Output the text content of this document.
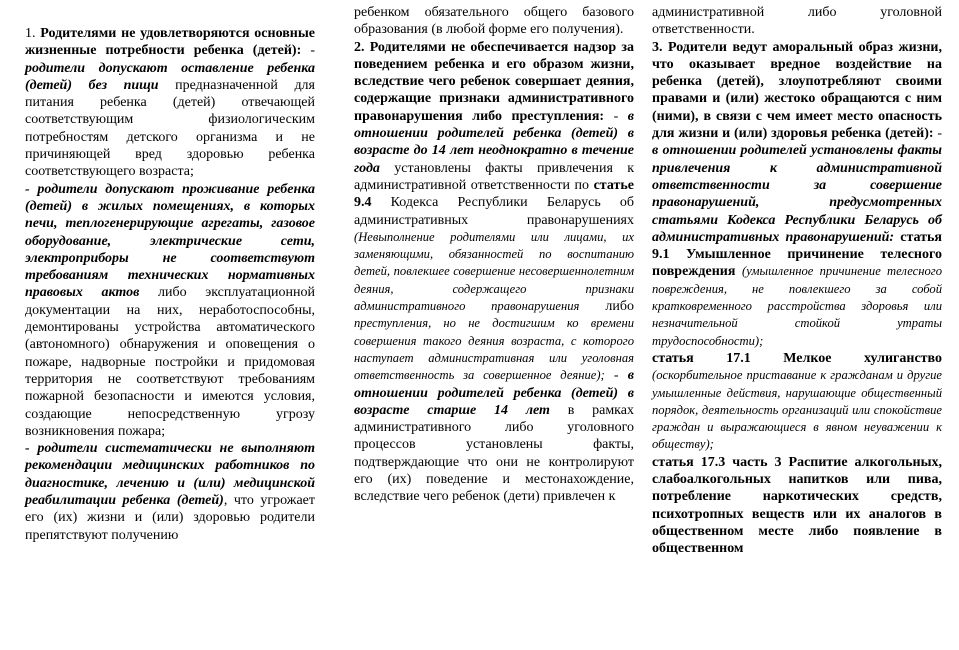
1. Родителями не удовлетворяются основные жизненные потребности ребенка (детей): - родители допускают оставление ребенка (детей) без пищи предназначенной для питания ребенка (детей) отвечающей соответствующим физиологическим потребностям детского организма и не причиняющей вред здоровью ребенка соответствующего возраста;

- родители допускают проживание ребенка (детей) в жилых помещениях, в которых печи, теплогенерирующие агрегаты, газовое оборудование, электрические сети, электроприборы не соответствуют требованиям технических нормативных правовых актов либо эксплуатационной документации на них, неработоспособны, демонтированы устройства автоматического (автономного) обнаружения и оповещения о пожаре, надворные постройки и придомовая территория не соответствуют требованиям пожарной безопасности и имеются условия, создающие непосредственную угрозу возникновения пожара;

- родители систематически не выполняют рекомендации медицинских работников по диагностике, лечению и (или) медицинской реабилитации ребенка (детей), что угрожает его (их) жизни и (или) здоровью родители препятствуют получению

ребенком обязательного общего базового образования (в любой форме его получения).

2. Родителями не обеспечивается надзор за поведением ребенка и его образом жизни, вследствие чего ребенок совершает деяния, содержащие признаки административного правонарушения либо преступления: - в отношении родителей ребенка (детей) в возрасте до 14 лет неоднократно в течение года установлены факты привлечения к административной ответственности по статье 9.4 Кодекса Республики Беларусь об административных правонарушениях (Невыполнение родителями или лицами, их заменяющими, обязанностей по воспитанию детей, повлекшее совершение несовершеннолетним деяния, содержащего признаки административного правонарушения либо преступления, но не достигшим ко времени совершения такого деяния возраста, с которого наступает административная или уголовная ответственность за совершенное деяние); - в отношении родителей ребенка (детей) в возрасте старше 14 лет в рамках административного либо уголовного процессов установлены факты, подтверждающие что они не контролируют его (их) поведение и местонахождение, вследствие чего ребенок (дети) привлечен к

административной либо уголовной ответственности.

3. Родители ведут аморальный образ жизни, что оказывает вредное воздействие на ребенка (детей), злоупотребляют своими правами и (или) жестоко обращаются с ним (ними), в связи с чем имеет место опасность для жизни и (или) здоровья ребенка (детей): - в отношении родителей установлены факты привлечения к административной ответственности за совершение правонарушений, предусмотренных статьями Кодекса Республики Беларусь об административных правонарушений: статья 9.1 Умышленное причинение телесного повреждения (умышленное причинение телесного повреждения, не повлекшего за собой кратковременного расстройства здоровья или незначительной стойкой утраты трудоспособности);

статья 17.1 Мелкое хулиганство (оскорбительное приставание к гражданам и другие умышленные действия, нарушающие общественный порядок, деятельность организаций или спокойствие граждан и выражающиеся в явном неуважении к обществу);

статья 17.3 часть 3 Распитие алкогольных, слабоалкогольных напитков или пива, потребление наркотических средств, психотропных веществ или их аналогов в общественном месте либо появление в общественном
